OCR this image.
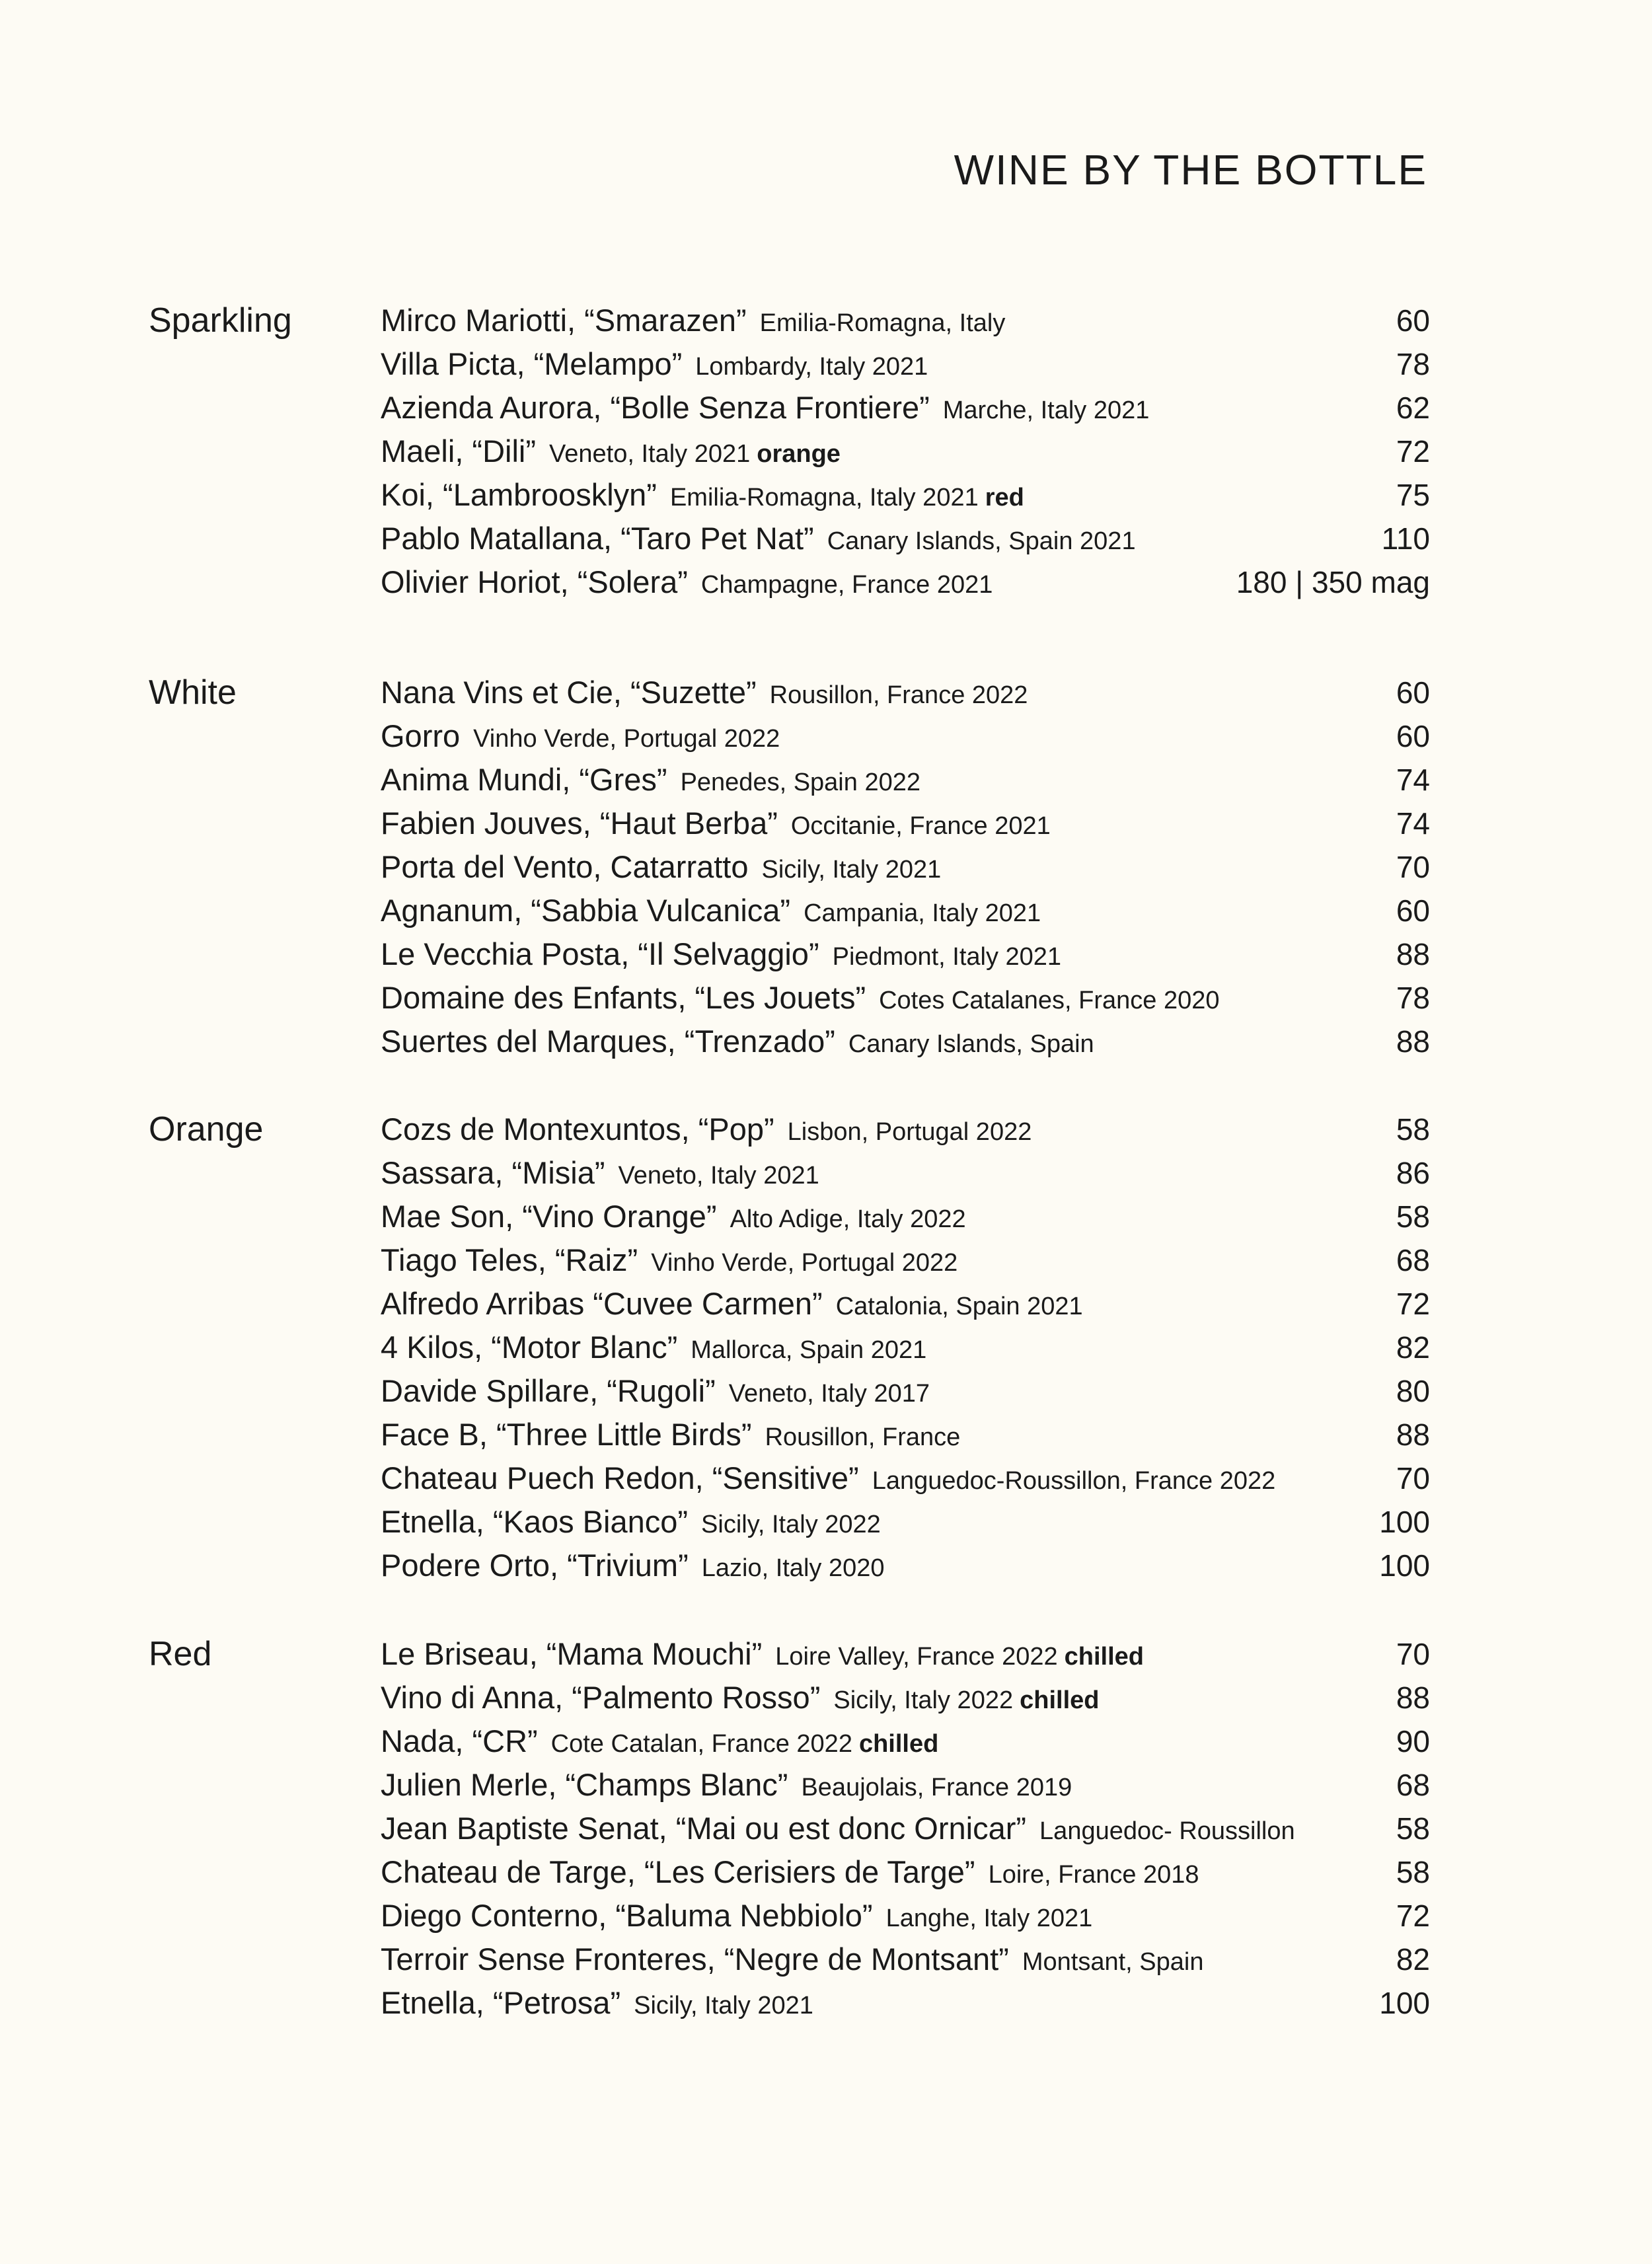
WINE BY THE BOTTLE
Sparkling	Mirco Mariotti, “Smarazen” Emilia-Romagna, Italy	60
Villa Picta, “Melampo” Lombardy, Italy 2021	78
Azienda Aurora, “Bolle Senza Frontiere” Marche, Italy 2021	62
Maeli, “Dili” Veneto, Italy 2021 orange	72
Koi, “Lambroosklyn” Emilia-Romagna, Italy 2021 red	75
Pablo Matallana, “Taro Pet Nat” Canary Islands, Spain 2021	110
Olivier Horiot, “Solera” Champagne, France 2021	180 | 350 mag
White	Nana Vins et Cie, “Suzette” Rousillon, France 2022	60
Gorro Vinho Verde, Portugal 2022	60
Anima Mundi, “Gres” Penedes, Spain 2022	74
Fabien Jouves, “Haut Berba” Occitanie, France 2021	74
Porta del Vento, Catarratto Sicily, Italy 2021	70
Agnanum, “Sabbia Vulcanica” Campania, Italy 2021	60
Le Vecchia Posta, “Il Selvaggio” Piedmont, Italy 2021	88
Domaine des Enfants, “Les Jouets” Cotes Catalanes, France 2020	78
Suertes del Marques, “Trenzado” Canary Islands, Spain	88
Orange	Cozs de Montexuntos, “Pop” Lisbon, Portugal 2022	58
Sassara, “Misia” Veneto, Italy 2021	86
Mae Son, “Vino Orange” Alto Adige, Italy 2022	58
Tiago Teles, “Raiz” Vinho Verde, Portugal 2022	68
Alfredo Arribas “Cuvee Carmen” Catalonia, Spain 2021	72
4 Kilos, “Motor Blanc” Mallorca, Spain 2021	82
Davide Spillare, “Rugoli” Veneto, Italy 2017	80
Face B, “Three Little Birds” Rousillon, France	88
Chateau Puech Redon, “Sensitive” Languedoc-Roussillon, France 2022	70
Etnella, “Kaos Bianco” Sicily, Italy 2022	100
Podere Orto, “Trivium” Lazio, Italy 2020	100
Red	Le Briseau, “Mama Mouchi” Loire Valley, France 2022 chilled	70
Vino di Anna, “Palmento Rosso” Sicily, Italy 2022 chilled	88
Nada, “CR” Cote Catalan, France 2022 chilled	90
Julien Merle, “Champs Blanc” Beaujolais, France 2019	68
Jean Baptiste Senat, “Mai ou est donc Ornicar” Languedoc- Roussillon	58
Chateau de Targe, “Les Cerisiers de Targe” Loire, France 2018	58
Diego Conterno, “Baluma Nebbiolo” Langhe, Italy 2021	72
Terroir Sense Fronteres, “Negre de Montsant” Montsant, Spain	82
Etnella, “Petrosa” Sicily, Italy 2021	100
